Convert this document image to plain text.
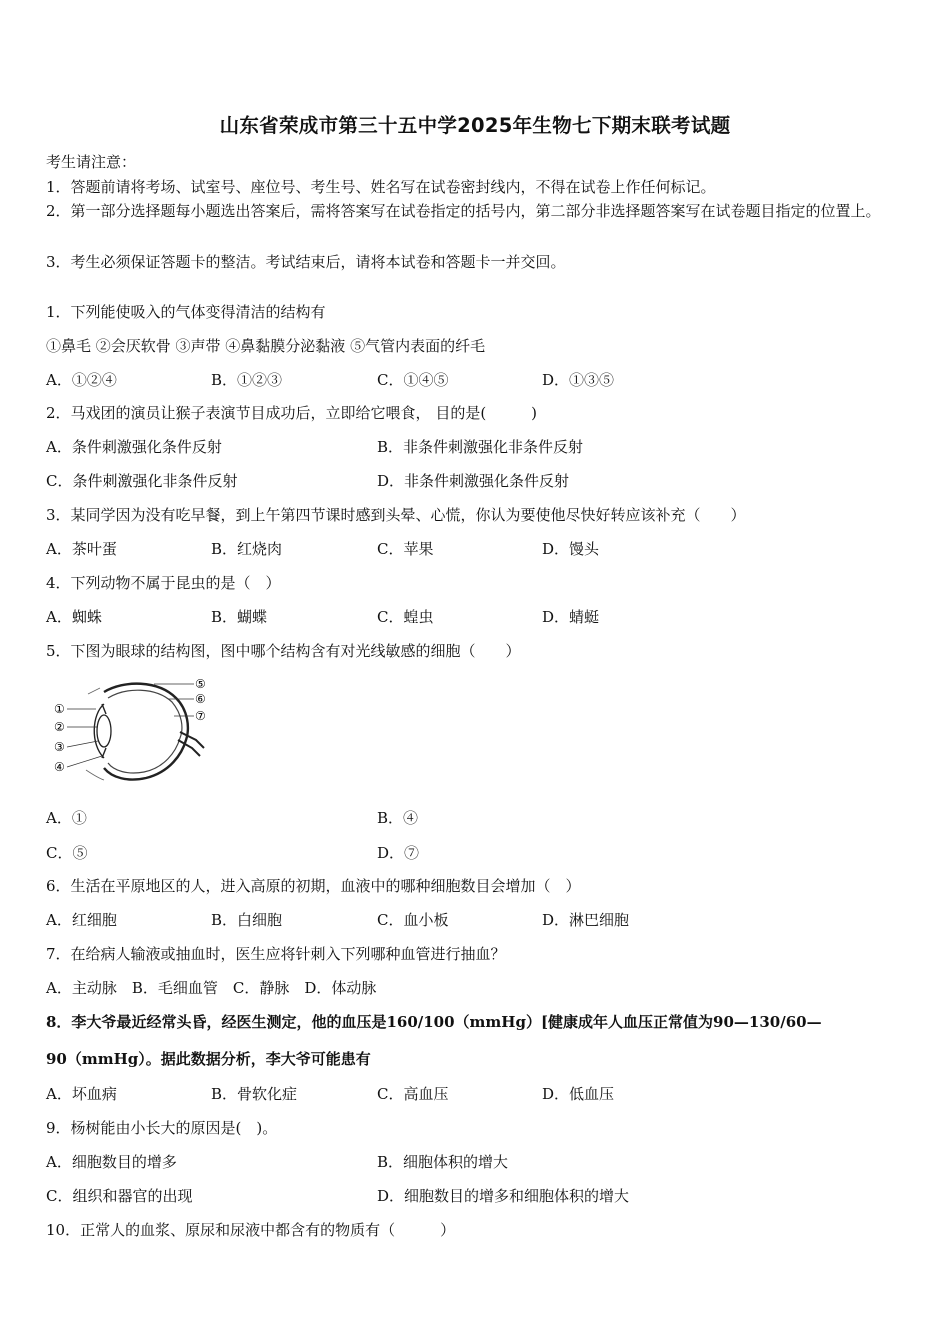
山东省荣成市第三十五中学2025年生物七下期末联考试题
考生请注意：
1．答题前请将考场、试室号、座位号、考生号、姓名写在试卷密封线内，不得在试卷上作任何标记。
2．第一部分选择题每小题选出答案后，需将答案写在试卷指定的括号内，第二部分非选择题答案写在试卷题目指定的位置上。
3．考生必须保证答题卡的整洁。考试结束后，请将本试卷和答题卡一并交回。
1．下列能使吸入的气体变得清洁的结构有
①鼻毛 ②会厌软骨 ③声带 ④鼻黏膜分泌黏液 ⑤气管内表面的纤毛
A．①②④	B．①②③	C．①④⑤	D．①③⑤
2．马戏团的演员让猴子表演节目成功后，立即给它喂食， 目的是(　　　)
A．条件刺激强化条件反射	B．非条件刺激强化非条件反射
C．条件刺激强化非条件反射	D．非条件刺激强化条件反射
3．某同学因为没有吃早餐，到上午第四节课时感到头晕、心慌，你认为要使他尽快好转应该补充（　　）
A．茶叶蛋	B．红烧肉	C．苹果	D．馒头
4．下列动物不属于昆虫的是（　）
A．蜘蛛	B．蝴蝶	C．蝗虫	D．蜻蜓
5．下图为眼球的结构图，图中哪个结构含有对光线敏感的细胞（　　）
①
②
③
④
⑤
⑥
⑦
A．①	B．④
C．⑤	D．⑦
6．生活在平原地区的人，进入高原的初期，血液中的哪种细胞数目会增加（　）
A．红细胞	B．白细胞	C．血小板	D．淋巴细胞
7．在给病人输液或抽血时，医生应将针刺入下列哪种血管进行抽血？
A．主动脉　B．毛细血管　C．静脉　D．体动脉
8．李大爷最近经常头昏，经医生测定，他的血压是160/100（mmHg）[健康成年人血压正常值为90—130/60—
90（mmHg）。据此数据分析，李大爷可能患有
A．坏血病	B．骨软化症	C．高血压	D．低血压
9．杨树能由小长大的原因是(　)。
A．细胞数目的增多	B．细胞体积的增大
C．组织和器官的出现	D．细胞数目的增多和细胞体积的增大
10．正常人的血浆、原尿和尿液中都含有的物质有（　　　）
